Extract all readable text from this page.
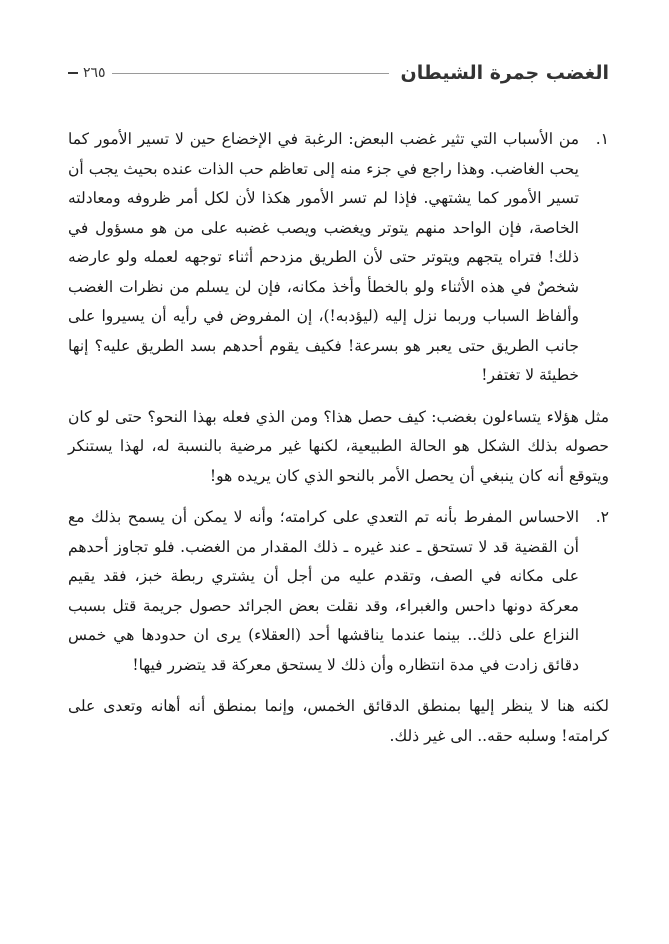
الغضب جمرة الشيطان
٢٦٥
١.
من الأسباب التي تثير غضب البعض: الرغبة في الإخضاع حين لا تسير الأمور كما يحب الغاضب. وهذا راجع في جزء منه إلى تعاظم حب الذات عنده بحيث يجب أن تسير الأمور كما يشتهي. فإذا لم تسر الأمور هكذا لأن لكل أمر ظروفه ومعادلته الخاصة، فإن الواحد منهم يتوتر ويغضب ويصب غضبه على من هو مسؤول في ذلك! فتراه يتجهم ويتوتر حتى لأن الطريق مزدحم أثناء توجهه لعمله ولو عارضه شخصٌ في هذه الأثناء ولو بالخطأ وأخذ مكانه، فإن لن يسلم من نظرات الغضب وألفاظ السباب وربما نزل إليه (ليؤدبه!)، إن المفروض في رأيه أن يسيروا على جانب الطريق حتى يعبر هو بسرعة! فكيف يقوم أحدهم بسد الطريق عليه؟ إنها خطيئة لا تغتفر!

مثل هؤلاء يتساءلون بغضب: كيف حصل هذا؟ ومن الذي فعله بهذا النحو؟ حتى لو كان حصوله بذلك الشكل هو الحالة الطبيعية، لكنها غير مرضية بالنسبة له، لهذا يستنكر ويتوقع أنه كان ينبغي أن يحصل الأمر بالنحو الذي كان يريده هو!

٢.
الاحساس المفرط بأنه تم التعدي على كرامته؛ وأنه لا يمكن أن يسمح بذلك مع أن القضية قد لا تستحق ـ عند غيره ـ ذلك المقدار من الغضب. فلو تجاوز أحدهم على مكانه في الصف، وتقدم عليه من أجل أن يشتري ربطة خبز، فقد يقيم معركة دونها داحس والغبراء، وقد نقلت بعض الجرائد حصول جريمة قتل بسبب النزاع على ذلك.. بينما عندما يناقشها أحد (العقلاء) يرى ان حدودها هي خمس دقائق زادت في مدة انتظاره وأن ذلك لا يستحق معركة قد يتضرر فيها!

لكنه هنا لا ينظر إليها بمنطق الدقائق الخمس، وإنما بمنطق أنه أهانه وتعدى على كرامته! وسلبه حقه.. الى غير ذلك.
